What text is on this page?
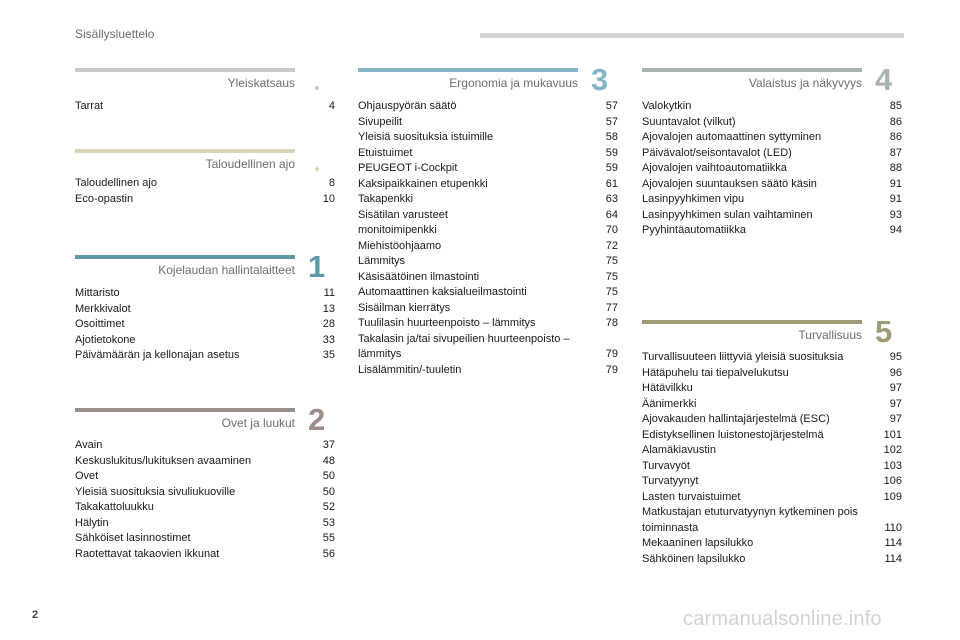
Sisällysluettelo
Yleiskatsaus
Tarrat	4
Taloudellinen ajo
Taloudellinen ajo	8
Eco-opastin	10
Kojelaudan hallintalaitteet 1
Mittaristo	11
Merkkivalot	13
Osoittimet	28
Ajotietokone	33
Päivämäärän ja kellonajan asetus	35
Ovet ja luukut 2
Avain	37
Keskuslukitus/lukituksen avaaminen	48
Ovet	50
Yleisiä suosituksia sivuliukuoville	50
Takakattoluukku	52
Hälytin	53
Sähköiset lasinnostimet	55
Raotettavat takaovien ikkunat	56
Ergonomia ja mukavuus 3
Ohjauspyörän säätö	57
Sivupeilit	57
Yleisiä suosituksia istuimille	58
Etuistuimet	59
PEUGEOT i-Cockpit	59
Kaksipaikkainen etupenkki	61
Takapenkki	63
Sisätilan varusteet	64
monitoimipenkki	70
Miehistöohjaamo	72
Lämmitys	75
Käsisäätöinen ilmastointi	75
Automaattinen kaksialueilmastointi	75
Sisäilman kierrätys	77
Tuulilasin huurteenpoisto – lämmitys	78
Takalasin ja/tai sivupeilien huurteenpoisto – lämmitys	79
Lisälämmitin/-tuuletin	79
Valaistus ja näkyvyys 4
Valokytkin	85
Suuntavalot (vilkut)	86
Ajovalojen automaattinen syttyminen	86
Päivävalot/seisontavalot (LED)	87
Ajovalojen vaihtoautomatiikka	88
Ajovalojen suuntauksen säätö käsin	91
Lasinpyyhkimen vipu	91
Lasinpyyhkimen sulan vaihtaminen	93
Pyyhintäautomatiikka	94
Turvallisuus 5
Turvallisuuteen liittyviä yleisiä suosituksia	95
Hätäpuhelu tai tiepalvelukutsu	96
Hätävilkku	97
Äänimerkki	97
Ajovakauden hallintajärjestelmä (ESC)	97
Edistyksellinen luistonestojärjestelmä	101
Alamäkiavustin	102
Turvavyöt	103
Turvatyynyt	106
Lasten turvaistuimet	109
Matkustajan etuturvatyynyn kytkeminen pois toiminnasta	110
Mekaaninen lapsilukko	114
Sähköinen lapsilukko	114
2	carmanualsonline.info
